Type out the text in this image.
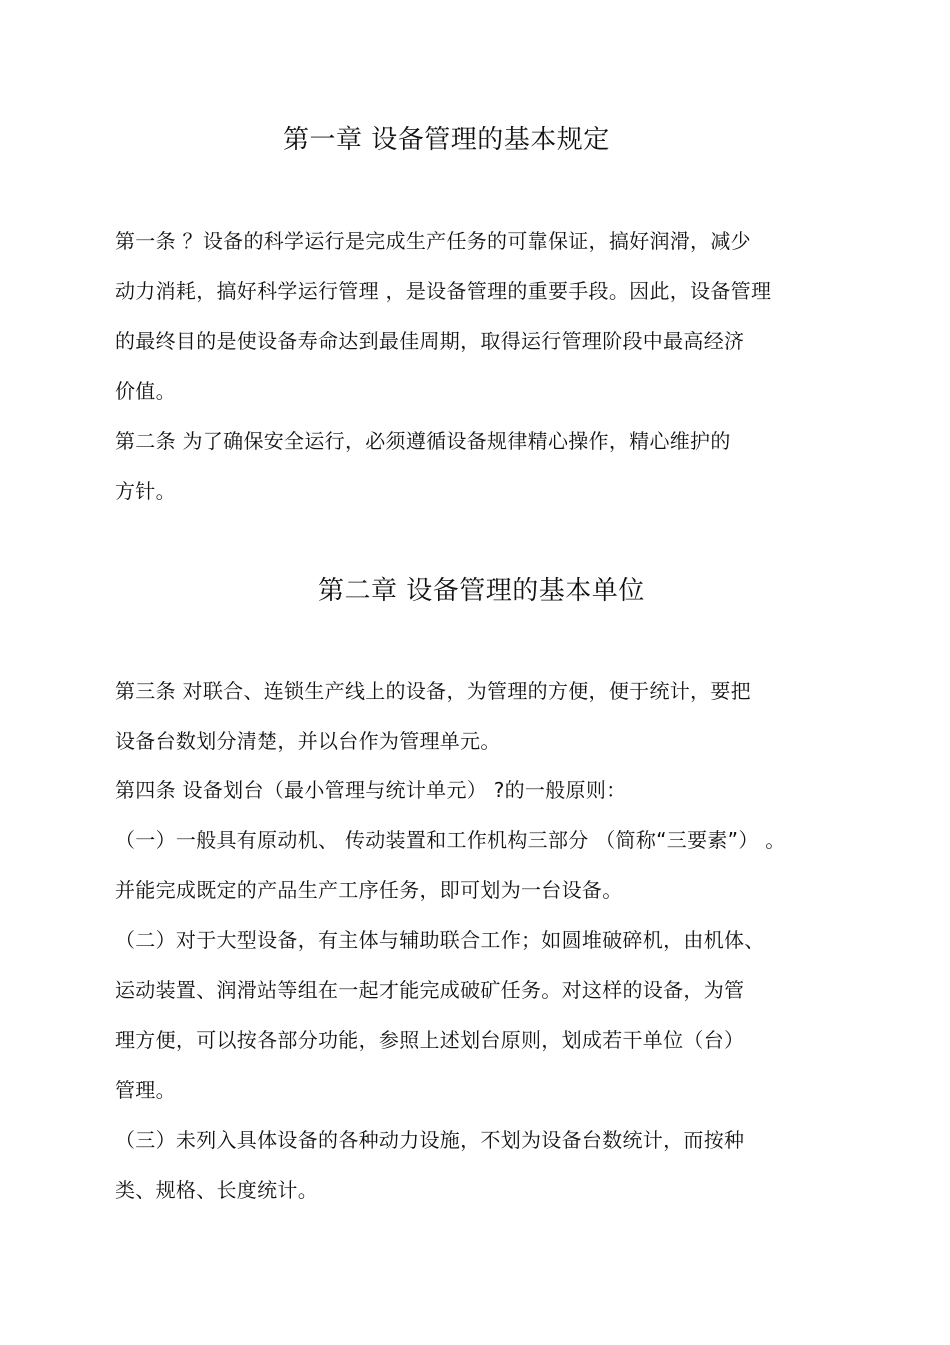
第一章 设备管理的基本规定
第一条 ？设备的科学运行是完成生产任务的可靠保证，搞好润滑，减少
动力消耗，搞好科学运行管理 ，是设备管理的重要手段。因此，设备管理
的最终目的是使设备寿命达到最佳周期，取得运行管理阶段中最高经济
价值。
第二条 为了确保安全运行，必须遵循设备规律精心操作，精心维护的
方针。
第二章 设备管理的基本单位
第三条 对联合、连锁生产线上的设备，为管理的方便，便于统计，要把
设备台数划分清楚，并以台作为管理单元。
第四条 设备划台（最小管理与统计单元） ?的一般原则：
（一）一般具有原动机、 传动装置和工作机构三部分 （简称“三要素”） 。
并能完成既定的产品生产工序任务，即可划为一台设备。
（二）对于大型设备，有主体与辅助联合工作；如圆堆破碎机，由机体、
运动装置、润滑站等组在一起才能完成破矿任务。对这样的设备，为管
理方便，可以按各部分功能，参照上述划台原则，划成若干单位（台）
管理。
（三）未列入具体设备的各种动力设施，不划为设备台数统计，而按种
类、规格、长度统计。
